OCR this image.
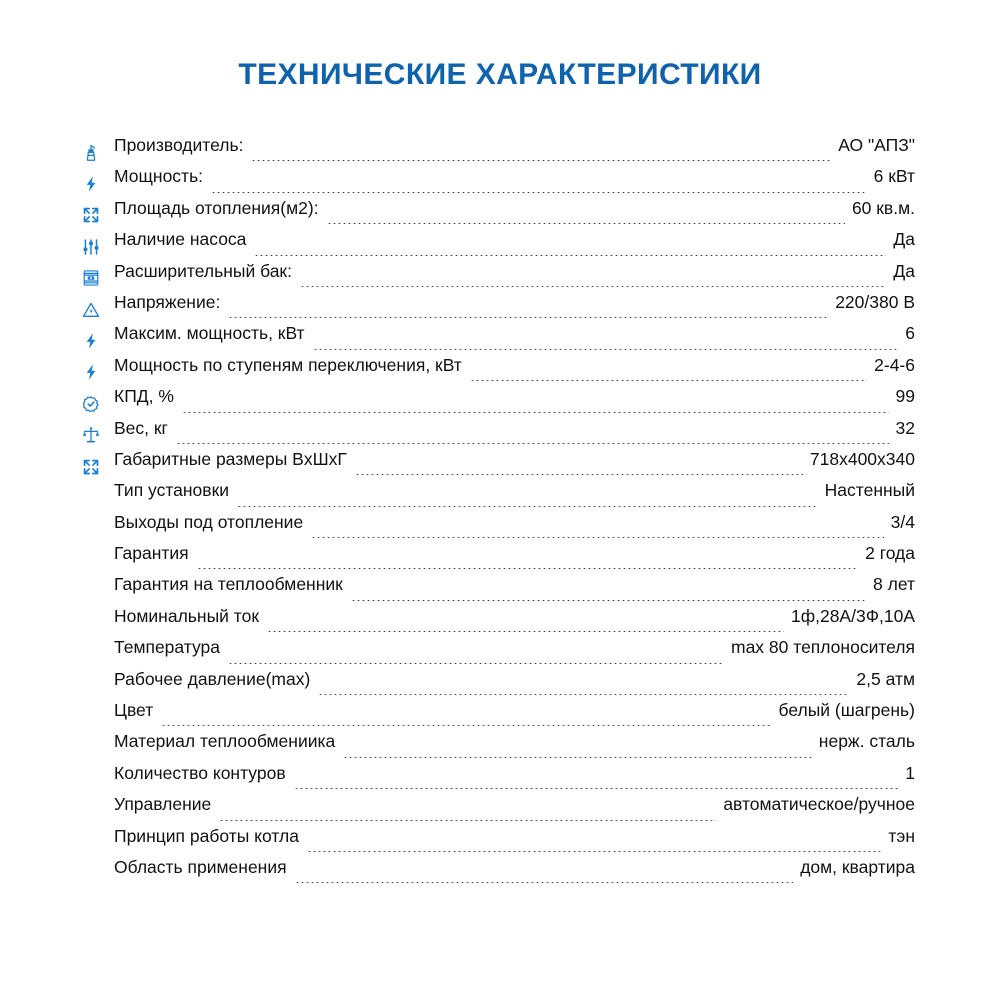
ТЕХНИЧЕСКИЕ ХАРАКТЕРИСТИКИ
Производитель:	АО "АПЗ"
Мощность:	6 кВт
Площадь отопления(м2):	60 кв.м.
Наличие насоса	Да
Расширительный бак:	Да
Напряжение:	220/380 В
Максим. мощность, кВт	6
Мощность по ступеням переключения, кВт	2-4-6
КПД, %	99
Вес, кг	32
Габаритные размеры ВxШxГ	718x400x340
Тип установки	Настенный
Выходы под отопление	3/4
Гарантия	2 года
Гарантия на теплообменник	8 лет
Номинальный ток	1ф,28А/3Ф,10А
Температура	max 80 теплоносителя
Рабочее давление(max)	2,5 атм
Цвет	белый (шагрень)
Материал теплообмениика	нерж. сталь
Количество контуров	1
Управление	автоматическое/ручное
Принцип работы котла	тэн
Область применения	дом, квартира
